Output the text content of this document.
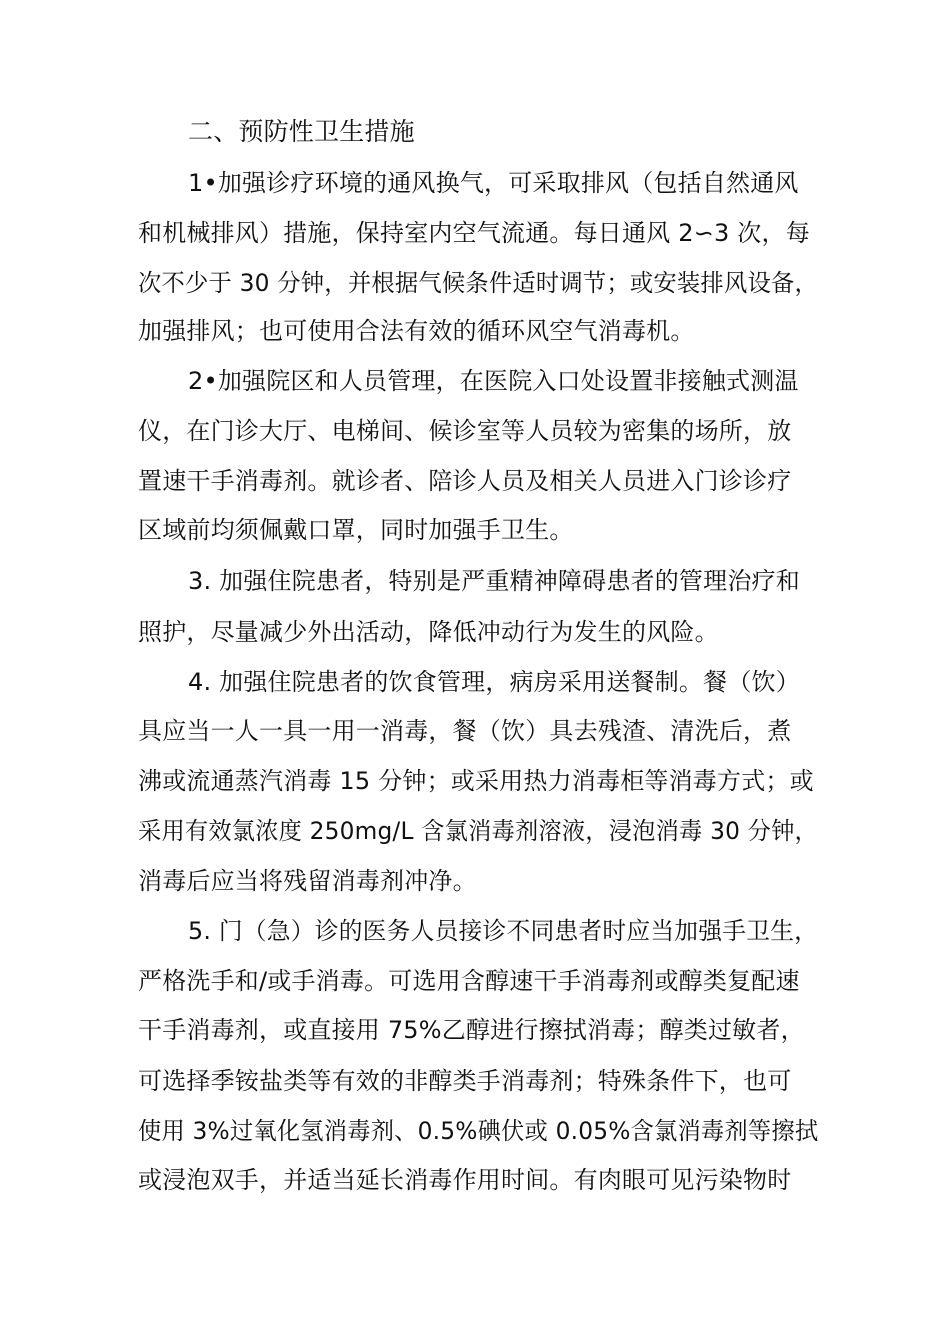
二、预防性卫生措施
1•加强诊疗环境的通风换气，可采取排风（包括自然通风
和机械排风）措施，保持室内空气流通。每日通风 2∽3 次，每
次不少于 30 分钟，并根据气候条件适时调节；或安装排风设备，
加强排风；也可使用合法有效的循环风空气消毒机。
2•加强院区和人员管理，在医院入口处设置非接触式测温
仪，在门诊大厅、电梯间、候诊室等人员较为密集的场所，放
置速干手消毒剂。就诊者、陪诊人员及相关人员进入门诊诊疗
区域前均须佩戴口罩，同时加强手卫生。
3. 加强住院患者，特别是严重精神障碍患者的管理治疗和
照护，尽量减少外出活动，降低冲动行为发生的风险。
4. 加强住院患者的饮食管理，病房采用送餐制。餐（饮）
具应当一人一具一用一消毒，餐（饮）具去残渣、清洗后，煮
沸或流通蒸汽消毒 15 分钟；或采用热力消毒柜等消毒方式；或
采用有效氯浓度 250mg/L 含氯消毒剂溶液，浸泡消毒 30 分钟，
消毒后应当将残留消毒剂冲净。
5. 门（急）诊的医务人员接诊不同患者时应当加强手卫生，
严格洗手和/或手消毒。可选用含醇速干手消毒剂或醇类复配速
干手消毒剂，或直接用 75%乙醇进行擦拭消毒；醇类过敏者，
可选择季铵盐类等有效的非醇类手消毒剂；特殊条件下，也可
使用 3%过氧化氢消毒剂、0.5%碘伏或 0.05%含氯消毒剂等擦拭
或浸泡双手，并适当延长消毒作用时间。有肉眼可见污染物时
